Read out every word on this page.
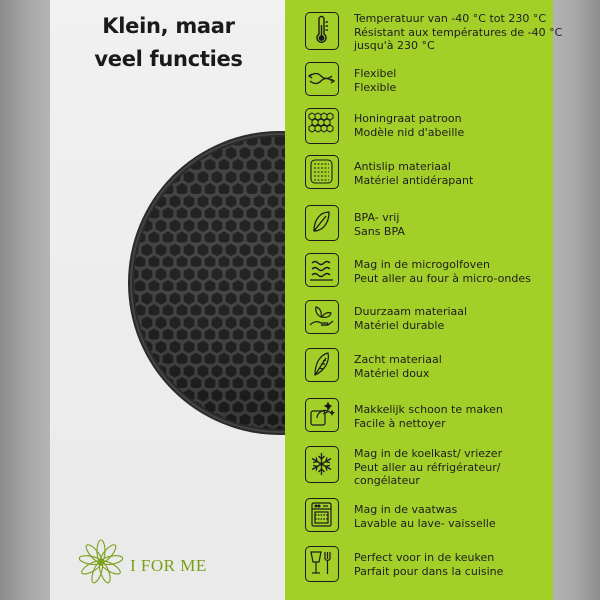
Klein, maar
veel functies
I FOR ME
Temperatuur van -40 °C tot 230 °C
Résistant aux températures de -40 °C
jusqu'à 230 °C
Flexibel
Flexible
Honingraat patroon
Modèle nid d'abeille
Antislip materiaal
Matériel antidérapant
BPA- vrij
Sans BPA
Mag in de microgolfoven
Peut aller au four à micro-ondes
Duurzaam materiaal
Matériel durable
Zacht materiaal
Matériel doux
Makkelijk schoon te maken
Facile à nettoyer
Mag in de koelkast/ vriezer
Peut aller au réfrigérateur/
congélateur
Mag in de vaatwas
Lavable au lave- vaisselle
Perfect voor in de keuken
Parfait pour dans la cuisine
